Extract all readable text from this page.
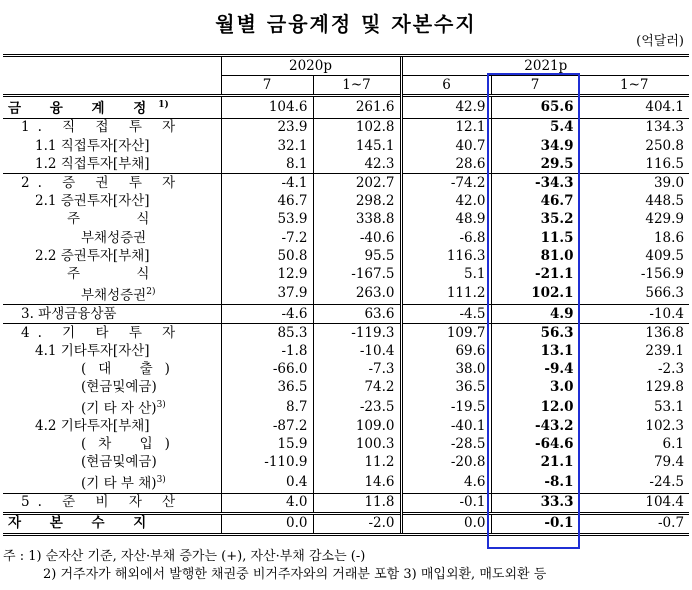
월별 금융계정 및 자본수지
(억달러)
	2020p		2021p		
	7	1~7	6	7	1~7
금 융 계 정$^{1)}$	104.6	261.6	42.9	65.6	404.1
1. 직 접 투 자	23.9	102.8	12.1	5.4	134.3
1.1 직접투자[자산]	32.1	145.1	40.7	34.9	250.8
1.2 직접투자[부채]	8.1	42.3	28.6	29.5	116.5
2. 증 권 투 자	-4.1	202.7	-74.2	-34.3	39.0
2.1 증권투자[자산]	46.7	298.2	42.0	46.7	448.5
주 식	53.9	338.8	48.9	35.2	429.9
부채성증권	-7.2	-40.6	-6.8	11.5	18.6
2.2 증권투자[부채]	50.8	95.5	116.3	81.0	409.5
주 식	12.9	-167.5	5.1	-21.1	-156.9
부채성증권$^{2)}$	37.9	263.0	111.2	102.1	566.3
3. 파생금융상품	-4.6	63.6	-4.5	4.9	-10.4
4. 기 타 투 자	85.3	-119.3	109.7	56.3	136.8
4.1 기타투자[자산]	-1.8	-10.4	69.6	13.1	239.1
(대 출)	-66.0	-7.3	38.0	-9.4	-2.3
(현금및예금)	36.5	74.2	36.5	3.0	129.8
(기 타 자 산)$^{3)}$	8.7	-23.5	-19.5	12.0	53.1
4.2 기타투자[부채]	-87.2	109.0	-40.1	-43.2	102.3
(차 입)	15.9	100.3	-28.5	-64.6	6.1
(현금및예금)	-110.9	11.2	-20.8	21.1	79.4
(기 타 부 채)$^{3)}$	0.4	14.6	4.6	-8.1	-24.5
5. 준 비 자 산	4.0	11.8	-0.1	33.3	104.4
자 본 수 지	0.0	-2.0	0.0	-0.1	-0.7
주 : 1) 순자산 기준, 자산·부채 증가는 (+), 자산·부채 감소는 (-)
2) 거주자가 해외에서 발행한 채권중 비거주자와의 거래분 포함 3) 매입외환, 매도외환 등
